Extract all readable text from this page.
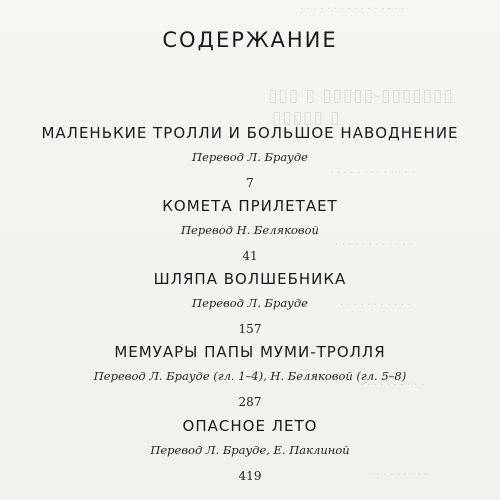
· · · · · · · · · · · · · · · ·
▯▯▯ ▯ ▯▯▯▯▯-▯▯▯▯▯▯▯
▯▯▯▯▯ ▯
· · · · · · · · · · · · ·
· · · · · · · · · · · ·
· · · · · · · · · · ·
· · · · · · · · · ·
· · · · · · · · ·
СОДЕРЖАНИЕ
МАЛЕНЬКИЕ ТРОЛЛИ И БОЛЬШОЕ НАВОДНЕНИЕ
Перевод Л. Брауде
7
КОМЕТА ПРИЛЕТАЕТ
Перевод Н. Беляковой
41
ШЛЯПА ВОЛШЕБНИКА
Перевод Л. Брауде
157
МЕМУАРЫ ПАПЫ МУМИ-ТРОЛЛЯ
Перевод Л. Брауде (гл. 1–4), Н. Беляковой (гл. 5–8)
287
ОПАСНОЕ ЛЕТО
Перевод Л. Брауде, Е. Паклиной
419
